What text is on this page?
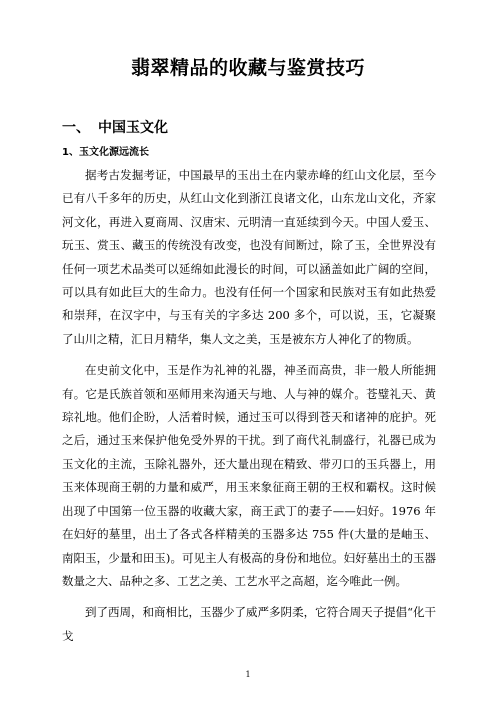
翡翠精品的收藏与鉴赏技巧
一、 中国玉文化
1、玉文化源远流长

据考古发掘考证，中国最早的玉出土在内蒙赤峰的红山文化层，至今已有八千多年的历史，从红山文化到浙江良诸文化，山东龙山文化，齐家河文化，再进入夏商周、汉唐宋、元明清一直延续到今天。中国人爱玉、玩玉、赏玉、藏玉的传统没有改变，也没有间断过，除了玉，全世界没有任何一项艺术品类可以延绵如此漫长的时间，可以涵盖如此广阔的空间，可以具有如此巨大的生命力。也没有任何一个国家和民族对玉有如此热爱和崇拜，在汉字中，与玉有关的字多达 200 多个，可以说，玉，它凝聚了山川之精，汇日月精华，集人文之美，玉是被东方人神化了的物质。

在史前文化中，玉是作为礼神的礼器，神圣而高贵，非一般人所能拥有。它是氏族首领和巫师用来沟通天与地、人与神的媒介。苍璧礼天、黄琮礼地。他们企盼，人活着时候，通过玉可以得到苍天和诸神的庇护。死之后，通过玉来保护他免受外界的干扰。到了商代礼制盛行，礼器已成为玉文化的主流，玉除礼器外，还大量出现在精致、带刃口的玉兵器上，用玉来体现商王朝的力量和威严，用玉来象征商王朝的王权和霸权。这时候出现了中国第一位玉器的收藏大家，商王武丁的妻子——妇好。1976 年在妇好的墓里，出土了各式各样精美的玉器多达 755 件(大量的是岫玉、南阳玉，少量和田玉)。可见主人有极高的身份和地位。妇好墓出土的玉器数量之大、品种之多、工艺之美、工艺水平之高超，迄今唯此一例。

到了西周，和商相比，玉器少了威严多阴柔，它符合周天子提倡“化干戈

1
